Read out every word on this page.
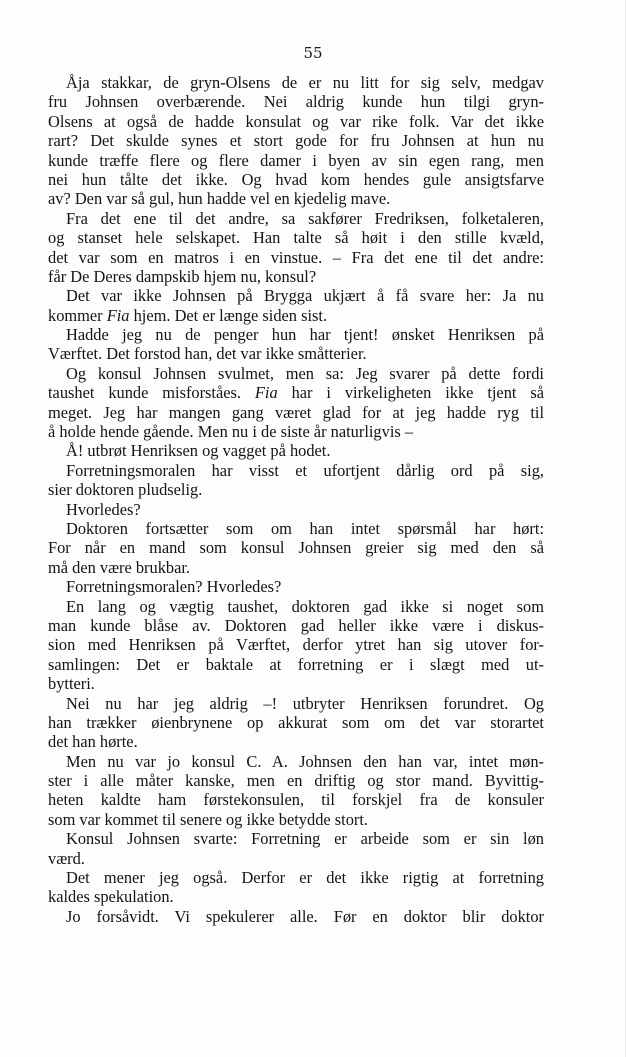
55
Åja stakkar, de gryn-Olsens de er nu litt for sig selv, medgav
fru Johnsen overbærende. Nei aldrig kunde hun tilgi gryn-
Olsens at også de hadde konsulat og var rike folk. Var det ikke
rart? Det skulde synes et stort gode for fru Johnsen at hun nu
kunde træffe flere og flere damer i byen av sin egen rang, men
nei hun tålte det ikke. Og hvad kom hendes gule ansigtsfarve
av? Den var så gul, hun hadde vel en kjedelig mave.
Fra det ene til det andre, sa sakfører Fredriksen, folketaleren,
og stanset hele selskapet. Han talte så høit i den stille kvæld,
det var som en matros i en vinstue. – Fra det ene til det andre:
får De Deres dampskib hjem nu, konsul?
Det var ikke Johnsen på Brygga ukjært å få svare her: Ja nu
kommer Fia hjem. Det er længe siden sist.
Hadde jeg nu de penger hun har tjent! ønsket Henriksen på
Værftet. Det forstod han, det var ikke småtterier.
Og konsul Johnsen svulmet, men sa: Jeg svarer på dette fordi
taushet kunde misforståes. Fia har i virkeligheten ikke tjent så
meget. Jeg har mangen gang været glad for at jeg hadde ryg til
å holde hende gående. Men nu i de siste år naturligvis –
Å! utbrøt Henriksen og vagget på hodet.
Forretningsmoralen har visst et ufortjent dårlig ord på sig,
sier doktoren pludselig.
Hvorledes?
Doktoren fortsætter som om han intet spørsmål har hørt:
For når en mand som konsul Johnsen greier sig med den så
må den være brukbar.
Forretningsmoralen? Hvorledes?
En lang og vægtig taushet, doktoren gad ikke si noget som
man kunde blåse av. Doktoren gad heller ikke være i diskus-
sion med Henriksen på Værftet, derfor ytret han sig utover for-
samlingen: Det er baktale at forretning er i slægt med ut-
bytteri.
Nei nu har jeg aldrig –! utbryter Henriksen forundret. Og
han trækker øienbrynene op akkurat som om det var storartet
det han hørte.
Men nu var jo konsul C. A. Johnsen den han var, intet møn-
ster i alle måter kanske, men en driftig og stor mand. Byvittig-
heten kaldte ham førstekonsulen, til forskjel fra de konsuler
som var kommet til senere og ikke betydde stort.
Konsul Johnsen svarte: Forretning er arbeide som er sin løn
værd.
Det mener jeg også. Derfor er det ikke rigtig at forretning
kaldes spekulation.
Jo forsåvidt. Vi spekulerer alle. Før en doktor blir doktor
